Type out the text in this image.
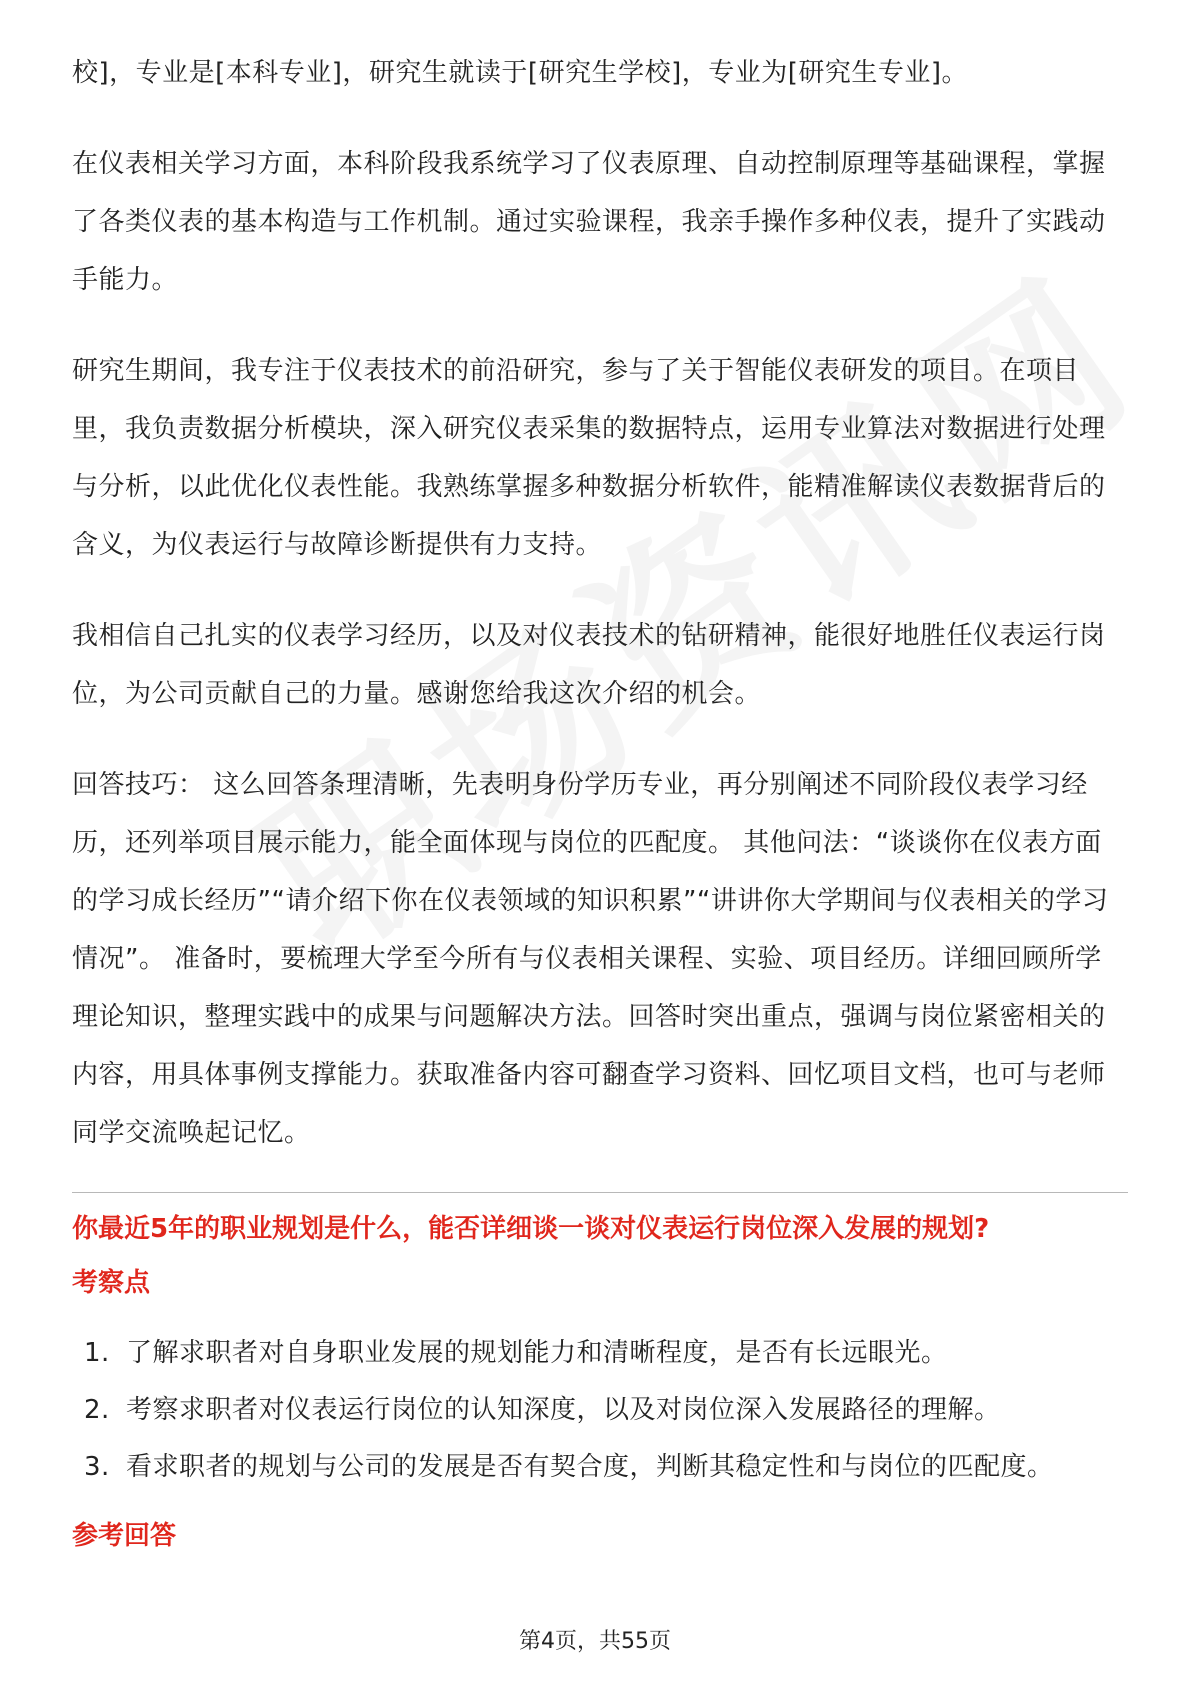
校]，专业是[本科专业]，研究生就读于[研究生学校]，专业为[研究生专业]。

在仪表相关学习方面，本科阶段我系统学习了仪表原理、自动控制原理等基础课程，掌握了各类仪表的基本构造与工作机制。通过实验课程，我亲手操作多种仪表，提升了实践动手能力。

研究生期间，我专注于仪表技术的前沿研究，参与了关于智能仪表研发的项目。在项目里，我负责数据分析模块，深入研究仪表采集的数据特点，运用专业算法对数据进行处理与分析，以此优化仪表性能。我熟练掌握多种数据分析软件，能精准解读仪表数据背后的含义，为仪表运行与故障诊断提供有力支持。

我相信自己扎实的仪表学习经历，以及对仪表技术的钻研精神，能很好地胜任仪表运行岗位，为公司贡献自己的力量。感谢您给我这次介绍的机会。

回答技巧： 这么回答条理清晰，先表明身份学历专业，再分别阐述不同阶段仪表学习经历，还列举项目展示能力，能全面体现与岗位的匹配度。 其他问法：“谈谈你在仪表方面的学习成长经历”“请介绍下你在仪表领域的知识积累”“讲讲你大学期间与仪表相关的学习情况”。 准备时，要梳理大学至今所有与仪表相关课程、实验、项目经历。详细回顾所学理论知识，整理实践中的成果与问题解决方法。回答时突出重点，强调与岗位紧密相关的内容，用具体事例支撑能力。获取准备内容可翻查学习资料、回忆项目文档，也可与老师同学交流唤起记忆。

你最近5年的职业规划是什么，能否详细谈一谈对仪表运行岗位深入发展的规划?
考察点
1. 了解求职者对自身职业发展的规划能力和清晰程度，是否有长远眼光。
2. 考察求职者对仪表运行岗位的认知深度，以及对岗位深入发展路径的理解。
3. 看求职者的规划与公司的发展是否有契合度，判断其稳定性和与岗位的匹配度。
参考回答
第4页，共55页
